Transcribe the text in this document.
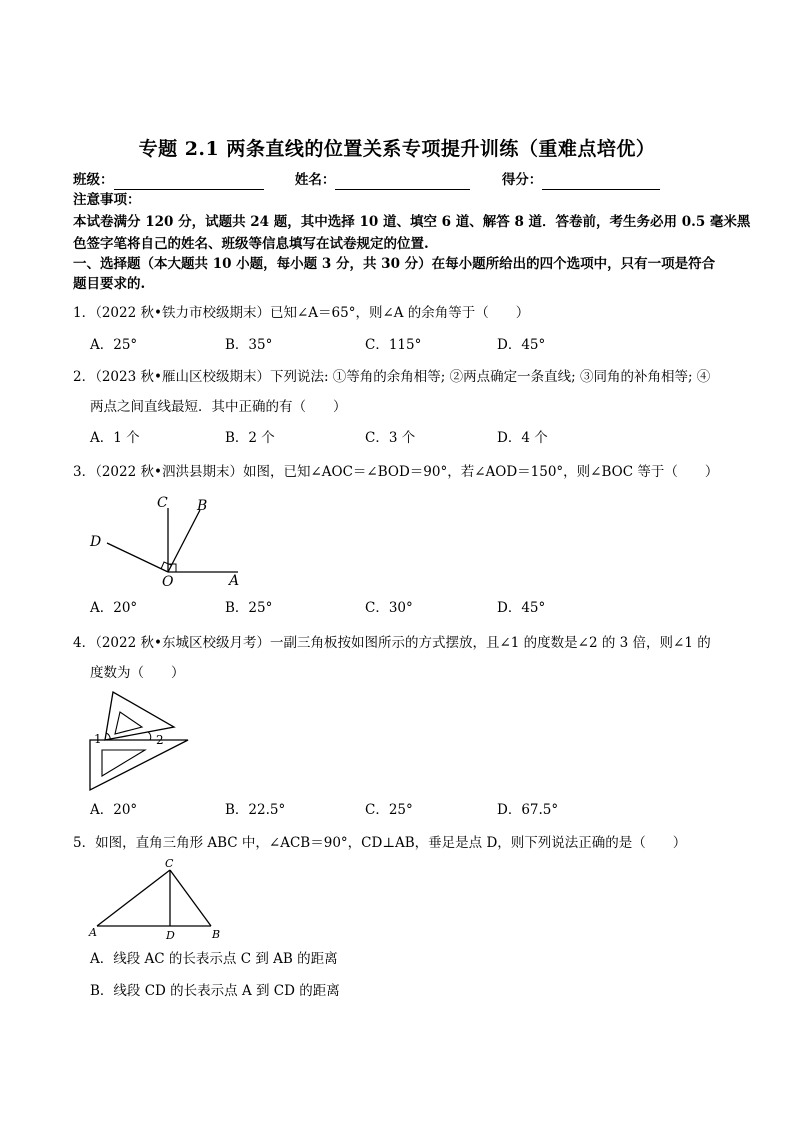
专题 2.1 两条直线的位置关系专项提升训练（重难点培优）
班级：	姓名：	得分：
注意事项：
本试卷满分 120 分，试题共 24 题，其中选择 10 道、填空 6 道、解答 8 道．答卷前，考生务必用 0.5 毫米黑
色签字笔将自己的姓名、班级等信息填写在试卷规定的位置.
一、选择题（本大题共 10 小题，每小题 3 分，共 30 分）在每小题所给出的四个选项中，只有一项是符合
题目要求的.
1．（2022 秋•铁力市校级期末）已知∠A＝65°，则∠A 的余角等于（　　）
A．25°	B．35°	C．115°	D．45°
2．（2023 秋•雁山区校级期末）下列说法: ①等角的余角相等; ②两点确定一条直线; ③同角的补角相等; ④
两点之间直线最短．其中正确的有（　　）
A．1 个	B．2 个	C．3 个	D．4 个
3．（2022 秋•泗洪县期末）如图，已知∠AOC＝∠BOD＝90°，若∠AOD＝150°，则∠BOC 等于（　　）
C B
D
O	A
A．20°	B．25°	C．30°	D．45°
4．（2022 秋•东城区校级月考）一副三角板按如图所示的方式摆放，且∠1 的度数是∠2 的 3 倍，则∠1 的
度数为（　　）
1	2
A．20°	B．22.5°	C．25°	D．67.5°
5．如图，直角三角形 ABC 中，∠ACB＝90°，CD⊥AB，垂足是点 D，则下列说法正确的是（　　）
C
A	D	B
A．线段 AC 的长表示点 C 到 AB 的距离
B．线段 CD 的长表示点 A 到 CD 的距离
